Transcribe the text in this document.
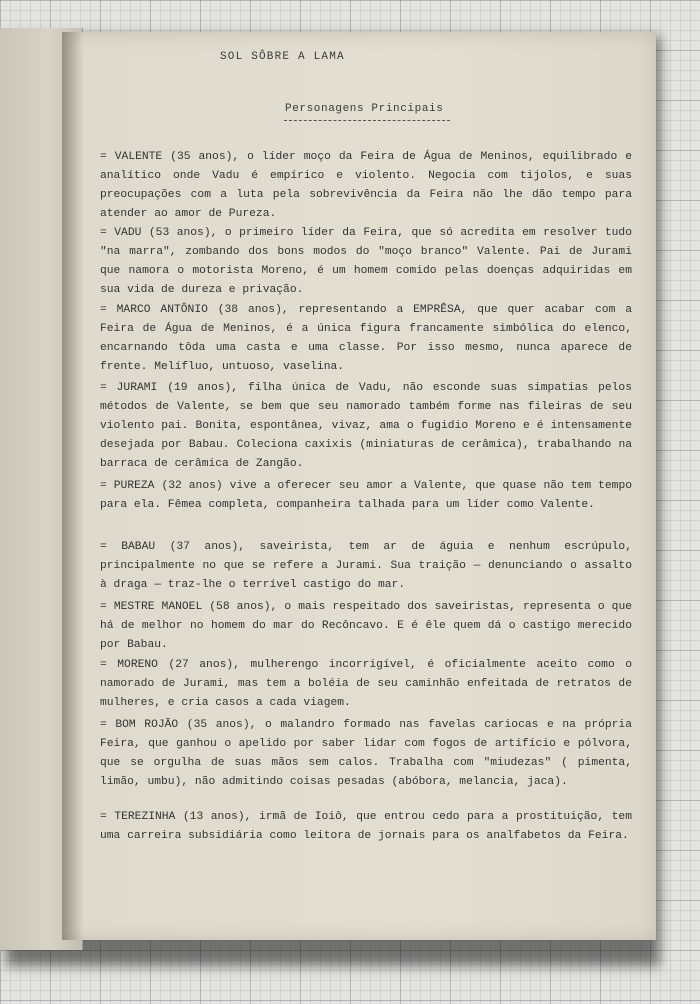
SOL SÔBRE A LAMA
Personagens Principais

= VALENTE (35 anos), o líder moço da Feira de Água de Meninos, equilibrado e analítico onde Vadu é empírico e violento. Negocia com tijolos, e suas preocupações com a luta pela sobrevivência da Feira não lhe dão tempo para atender ao amor de Pureza.

= VADU (53 anos), o primeiro líder da Feira, que só acredita em resolver tudo "na marra", zombando dos bons modos do "moço branco" Valente. Pai de Jurami que namora o motorista Moreno, é um homem comido pelas doenças adquiridas em sua vida de dureza e privação.

= MARCO ANTÔNIO (38 anos), representando a EMPRÊSA, que quer acabar com a Feira de Água de Meninos, é a única figura francamente simbólica do elenco, encarnando tôda uma casta e uma classe. Por isso mesmo, nunca aparece de frente. Melífluo, untuoso, vaselina.

= JURAMI (19 anos), filha única de Vadu, não esconde suas simpatias pelos métodos de Valente, se bem que seu namorado também forme nas fileiras de seu violento pai. Bonita, espontânea, vivaz, ama o fugidio Moreno e é intensamente desejada por Babau. Coleciona caxixis (miniaturas de cerâmica), trabalhando na barraca de cerâmica de Zangão.

= PUREZA (32 anos) vive a oferecer seu amor a Valente, que quase não tem tempo para ela. Fêmea completa, companheira talhada para um líder como Valente.

= BABAU (37 anos), saveirista, tem ar de águia e nenhum escrúpulo, principalmente no que se refere a Jurami. Sua traição — denunciando o assalto à draga — traz-lhe o terrível castigo do mar.

= MESTRE MANOEL (58 anos), o mais respeitado dos saveiristas, representa o que há de melhor no homem do mar do Recôncavo. E é êle quem dá o castigo merecido por Babau.

= MORENO (27 anos), mulherengo incorrigível, é oficialmente aceito como o namorado de Jurami, mas tem a boléia de seu caminhão enfeitada de retratos de mulheres, e cria casos a cada viagem.

= BOM ROJÃO (35 anos), o malandro formado nas favelas cariocas e na própria Feira, que ganhou o apelido por saber lidar com fogos de artifício e pólvora, que se orgulha de suas mãos sem calos. Trabalha com "miudezas" ( pimenta, limão, umbu), não admitindo coisas pesadas (abóbora, melancia, jaca).

= TEREZINHA (13 anos), irmã de Ioiô, que entrou cedo para a prostituição, tem uma carreira subsidiária como leitora de jornais para os analfabetos da Feira.
